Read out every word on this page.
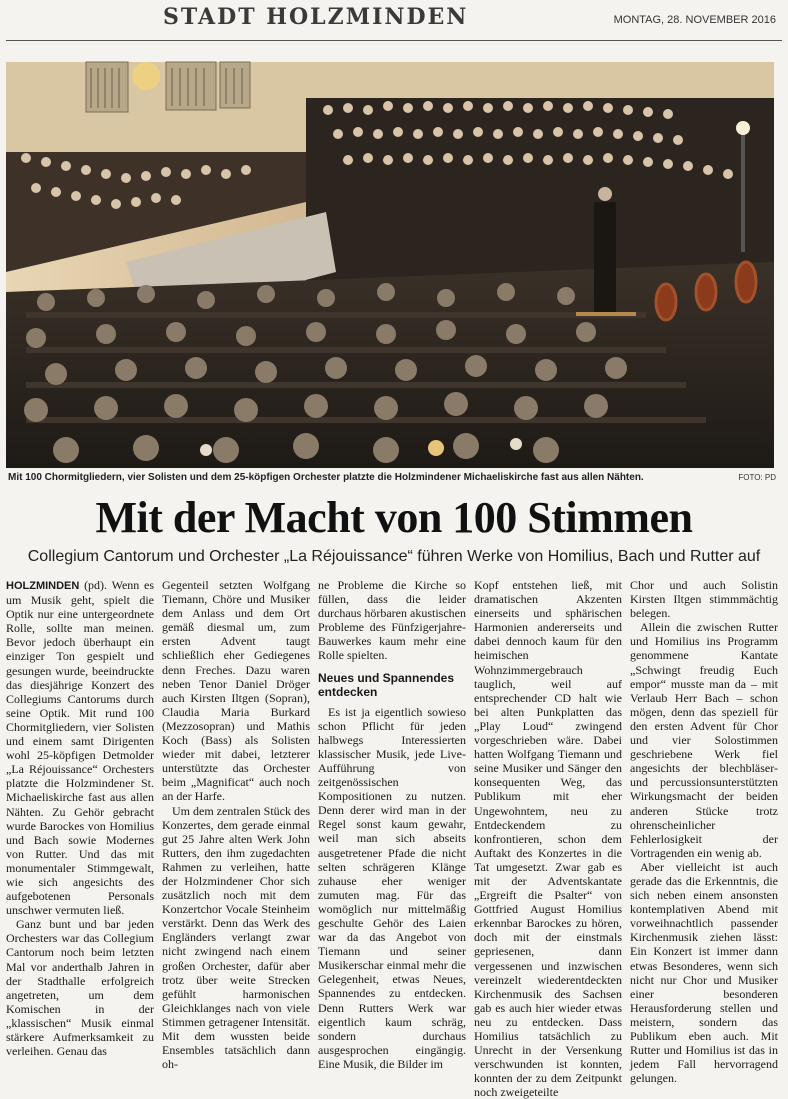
STADT HOLZMINDEN	MONTAG, 28. NOVEMBER 2016
Mit 100 Chormitgliedern, vier Solisten und dem 25-köpfigen Orchester platzte die Holzmindener Michaeliskirche fast aus allen Nähten.	FOTO: PD
Mit der Macht von 100 Stimmen
Collegium Cantorum und Orchester „La Réjouissance“ führen Werke von Homilius, Bach und Rutter auf

HOLZMINDEN (pd). Wenn es um Musik geht, spielt die Optik nur eine untergeordnete Rolle, sollte man meinen. Bevor jedoch überhaupt ein einziger Ton gespielt und gesungen wurde, beeindruckte das diesjährige Konzert des Collegiums Cantorums durch seine Optik. Mit rund 100 Chormitgliedern, vier Solisten und einem samt Dirigenten wohl 25-köpfigen Detmolder „La Réjouissance“ Orchesters platzte die Holzmindener St. Michaeliskirche fast aus allen Nähten. Zu Gehör gebracht wurde Barockes von Homilius und Bach sowie Modernes von Rutter. Und das mit monumentaler Stimmgewalt, wie sich angesichts des aufgebotenen Personals unschwer vermuten ließ.

Ganz bunt und bar jeden Orchesters war das Collegium Cantorum noch beim letzten Mal vor anderthalb Jahren in der Stadthalle erfolgreich angetreten, um dem Komischen in der „klassischen“ Musik einmal stärkere Aufmerksamkeit zu verleihen. Genau das

Gegenteil setzten Wolfgang Tiemann, Chöre und Musiker dem Anlass und dem Ort gemäß diesmal um, zum ersten Advent taugt schließlich eher Gediegenes denn Freches. Dazu waren neben Tenor Daniel Dröger auch Kirsten Iltgen (Sopran), Claudia Maria Burkard (Mezzosopran) und Mathis Koch (Bass) als Solisten wieder mit dabei, letzterer unterstützte das Orchester beim „Magnificat“ auch noch an der Harfe.

Um dem zentralen Stück des Konzertes, dem gerade einmal gut 25 Jahre alten Werk John Rutters, den ihm zugedachten Rahmen zu verleihen, hatte der Holzmindener Chor sich zusätzlich noch mit dem Konzertchor Vocale Steinheim verstärkt. Denn das Werk des Engländers verlangt zwar nicht zwingend nach einem großen Orchester, dafür aber trotz über weite Strecken gefühlt harmonischen Gleichklanges nach von viele Stimmen getragener Intensität. Mit dem wussten beide Ensembles tatsächlich dann oh-

ne Probleme die Kirche so füllen, dass die leider durchaus hörbaren akustischen Probleme des Fünfzigerjahre-Bauwerkes kaum mehr eine Rolle spielten.

Neues und Spannendes entdecken

Es ist ja eigentlich sowieso schon Pflicht für jeden halbwegs Interessierten klassischer Musik, jede Live-Aufführung von zeitgenössischen Kompositionen zu nutzen. Denn derer wird man in der Regel sonst kaum gewahr, weil man sich abseits ausgetretener Pfade die nicht selten schrägeren Klänge zuhause eher weniger zumuten mag. Für das womöglich nur mittelmäßig geschulte Gehör des Laien war da das Angebot von Tiemann und seiner Musikerschar einmal mehr die Gelegenheit, etwas Neues, Spannendes zu entdecken. Denn Rutters Werk war eigentlich kaum schräg, sondern durchaus ausgesprochen eingängig. Eine Musik, die Bilder im

Kopf entstehen ließ, mit dramatischen Akzenten einerseits und sphärischen Harmonien andererseits und dabei dennoch kaum für den heimischen Wohnzimmergebrauch tauglich, weil auf entsprechender CD halt wie bei alten Punkplatten das „Play Loud“ zwingend vorgeschrieben wäre. Dabei hatten Wolfgang Tiemann und seine Musiker und Sänger den konsequenten Weg, das Publikum mit eher Ungewohntem, neu zu Entdeckendem zu konfrontieren, schon dem Auftakt des Konzertes in die Tat umgesetzt. Zwar gab es mit der Adventskantate „Ergreift die Psalter“ von Gottfried August Homilius erkennbar Barockes zu hören, doch mit der einstmals gepriesenen, dann vergessenen und inzwischen vereinzelt wiederentdeckten Kirchenmusik des Sachsen gab es auch hier wieder etwas neu zu entdecken. Dass Homilius tatsächlich zu Unrecht in der Versenkung verschwunden ist konnten, konnten der zu dem Zeitpunkt noch zweigeteilte

Chor und auch Solistin Kirsten Iltgen stimmmächtig belegen.

Allein die zwischen Rutter und Homilius ins Programm genommene Kantate „Schwingt freudig Euch empor“ musste man da – mit Verlaub Herr Bach – schon mögen, denn das speziell für den ersten Advent für Chor und vier Solostimmen geschriebene Werk fiel angesichts der blechbläser- und percussionsunterstützten Wirkungsmacht der beiden anderen Stücke trotz ohrenscheinlicher Fehlerlosigkeit der Vortragenden ein wenig ab.

Aber vielleicht ist auch gerade das die Erkenntnis, die sich neben einem ansonsten kontemplativen Abend mit vorweihnachtlich passender Kirchenmusik ziehen lässt: Ein Konzert ist immer dann etwas Besonderes, wenn sich nicht nur Chor und Musiker einer besonderen Herausforderung stellen und meistern, sondern das Publikum eben auch. Mit Rutter und Homilius ist das in jedem Fall hervorragend gelungen.
